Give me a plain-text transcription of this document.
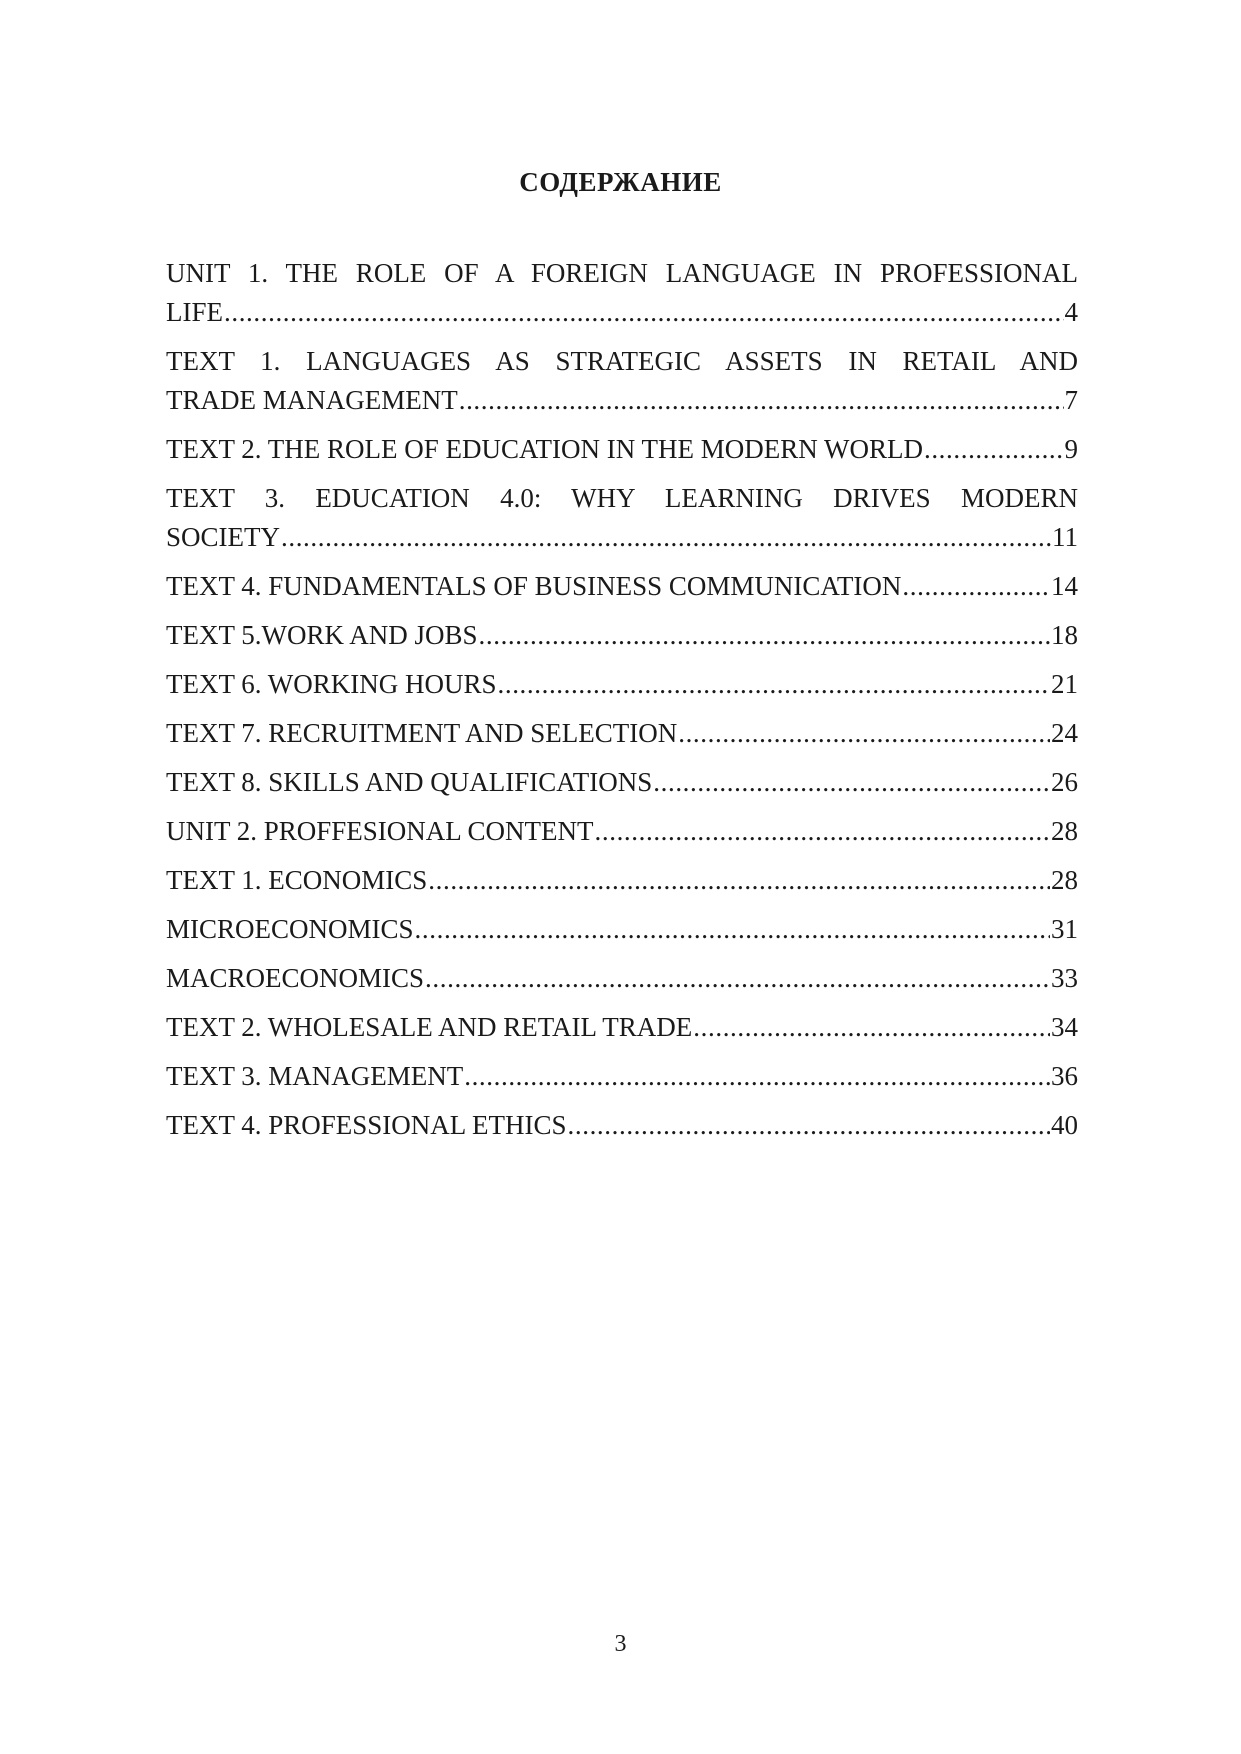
СОДЕРЖАНИЕ
UNIT 1. THE ROLE OF A FOREIGN LANGUAGE IN PROFESSIONAL
LIFE .....	4
TEXT 1. LANGUAGES AS STRATEGIC ASSETS IN RETAIL AND
TRADE MANAGEMENT .....	7
TEXT 2. THE ROLE OF EDUCATION IN THE MODERN WORLD .....	9
TEXT 3. EDUCATION 4.0: WHY LEARNING DRIVES MODERN
SOCIETY .....	11
TEXT 4. FUNDAMENTALS OF BUSINESS COMMUNICATION .....	14
TEXT 5.WORK AND JOBS .....	18
TEXT 6. WORKING HOURS .....	21
TEXT 7. RECRUITMENT AND SELECTION .....	24
TEXT 8. SKILLS AND QUALIFICATIONS .....	26
UNIT 2. PROFFESIONAL CONTENT .....	28
TEXT 1. ECONOMICS .....	28
MICROECONOMICS .....	31
MACROECONOMICS .....	33
TEXT 2. WHOLESALE AND RETAIL TRADE .....	34
TEXT 3. MANAGEMENT .....	36
TEXT 4. PROFESSIONAL ETHICS .....	40
3
